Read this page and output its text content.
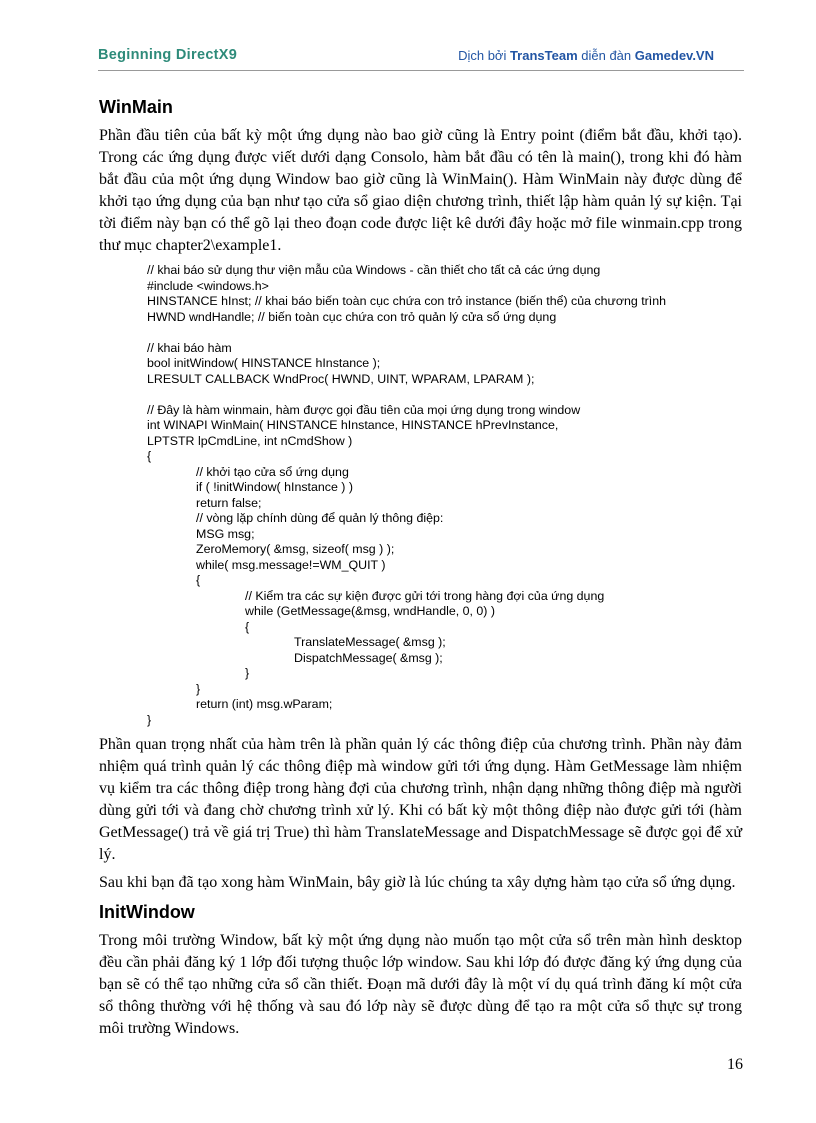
Beginning DirectX9	Dịch bởi TransTeam diễn đàn Gamedev.VN
WinMain

Phần đầu tiên của bất kỳ một ứng dụng nào bao giờ cũng là Entry point (điểm bắt đầu, khởi tạo). Trong các ứng dụng được viết dưới dạng Consolo, hàm bắt đầu có tên là main(), trong khi đó hàm bắt đầu của một ứng dụng Window bao giờ cũng là WinMain(). Hàm WinMain này được dùng để khởi tạo ứng dụng của bạn như tạo cửa sổ giao diện chương trình, thiết lập hàm quản lý sự kiện. Tại tời điểm này bạn có thể gõ lại theo đoạn code được liệt kê dưới đây hoặc mở file winmain.cpp trong thư mục chapter2\example1.

// khai báo sử dụng thư viện mẫu của Windows - cần thiết cho tất cả các ứng dụng
#include <windows.h>
HINSTANCE hInst; // khai báo biến toàn cục chứa con trỏ instance (biến thể) của chương trình
HWND wndHandle; // biến toàn cục chứa con trỏ quản lý cửa sổ ứng dụng
// khai báo hàm
bool initWindow( HINSTANCE hInstance );
LRESULT CALLBACK WndProc( HWND, UINT, WPARAM, LPARAM );
// Đây là hàm winmain, hàm được gọi đầu tiên của mọi ứng dụng trong window
int WINAPI WinMain( HINSTANCE hInstance, HINSTANCE hPrevInstance,
LPTSTR lpCmdLine, int nCmdShow )
{
// khởi tạo cửa sổ ứng dụng
if ( !initWindow( hInstance ) )
return false;
// vòng lặp chính dùng để quản lý thông điệp:
MSG msg;
ZeroMemory( &msg, sizeof( msg ) );
while( msg.message!=WM_QUIT )
{
// Kiểm tra các sự kiện được gửi tới trong hàng đợi của ứng dụng
while (GetMessage(&msg, wndHandle, 0, 0) )
{
TranslateMessage( &msg );
DispatchMessage( &msg );
}
}
return (int) msg.wParam;
}

Phần quan trọng nhất của hàm trên là phần quản lý các thông điệp của chương trình. Phần này đảm nhiệm quá trình quản lý các thông điệp mà window gửi tới ứng dụng. Hàm GetMessage làm nhiệm vụ kiểm tra các thông điệp trong hàng đợi của chương trình, nhận dạng những thông điệp mà người dùng gửi tới và đang chờ chương trình xử lý. Khi có bất kỳ một thông điệp nào được gửi tới (hàm GetMessage() trả về giá trị True) thì hàm TranslateMessage and DispatchMessage sẽ được gọi để xử lý.

Sau khi bạn đã tạo xong hàm WinMain, bây giờ là lúc chúng ta xây dựng hàm tạo cửa sổ ứng dụng.

InitWindow

Trong môi trường Window, bất kỳ một ứng dụng nào muốn tạo một cửa sổ trên màn hình desktop đều cần phải đăng ký 1 lớp đối tượng thuộc lớp window. Sau khi lớp đó được đăng ký ứng dụng của bạn sẽ có thể tạo những cửa sổ cần thiết. Đoạn mã dưới đây là một ví dụ quá trình đăng kí một cửa sổ thông thường với hệ thống và sau đó lớp này sẽ được dùng để tạo ra một cửa sổ thực sự trong môi trường Windows.

16
